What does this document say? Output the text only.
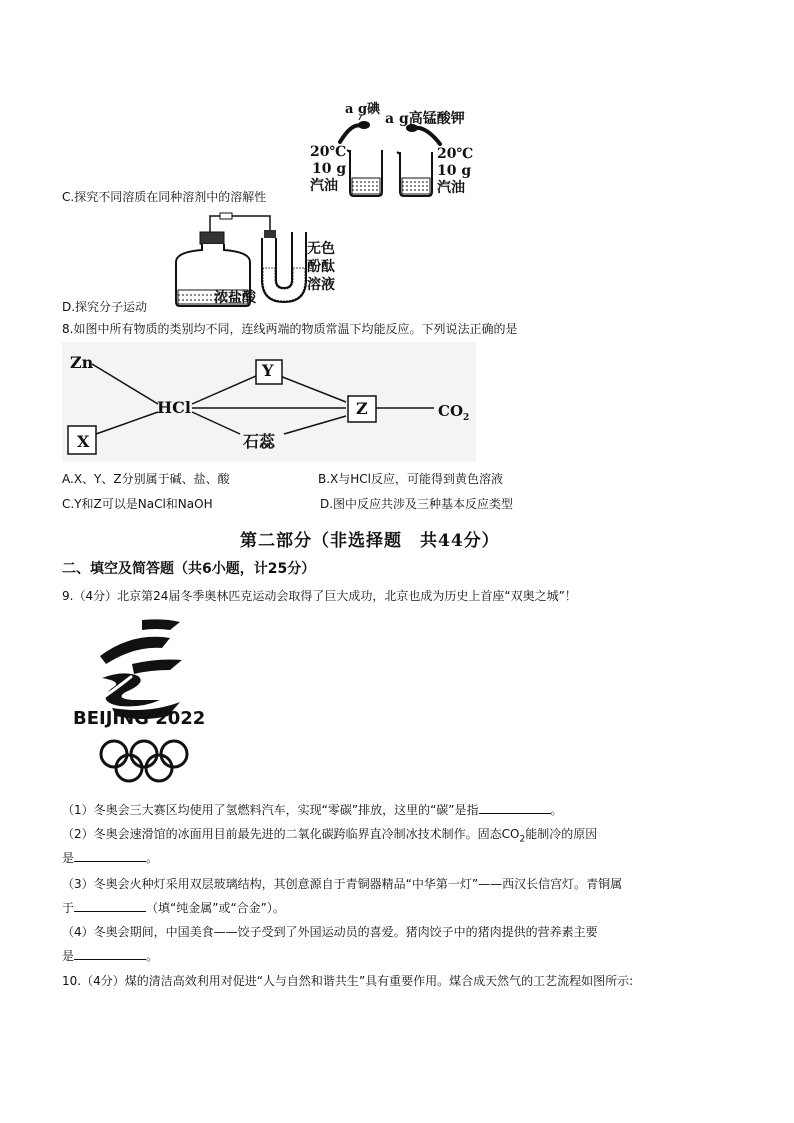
a g碘
a g高锰酸钾
20℃
10 g
汽油
20℃
10 g
汽油
C.探究不同溶质在同种溶剂中的溶解性
浓盐酸
无色
酚酞
溶液
D.探究分子运动
8.如图中所有物质的类别均不同，连线两端的物质常温下均能反应。下列说法正确的是
Zn
HCl
Y
Z
X	石蕊
$CO_2$
A.X、Y、Z分别属于碱、盐、酸	B.X与HCl反应，可能得到黄色溶液
C.Y和Z可以是NaCl和NaOH	D.图中反应共涉及三种基本反应类型
第二部分（非选择题　共44分）
二、填空及简答题（共6小题，计25分）
9.（4分）北京第24届冬季奥林匹克运动会取得了巨大成功，北京也成为历史上首座“双奥之城”！
BEIJING 2022
（1）冬奥会三大赛区均使用了氢燃料汽车，实现“零碳”排放，这里的“碳”是指	。
（2）冬奥会速滑馆的冰面用目前最先进的二氧化碳跨临界直冷制冰技术制作。固态$CO_2$能制冷的原因
是	。
（3）冬奥会火种灯采用双层玻璃结构，其创意源自于青铜器精品“中华第一灯”——西汉长信宫灯。青铜属
于	（填“纯金属”或“合金”）。
（4）冬奥会期间，中国美食——饺子受到了外国运动员的喜爱。猪肉饺子中的猪肉提供的营养素主要
是	。
10.（4分）煤的清洁高效利用对促进“人与自然和谐共生”具有重要作用。煤合成天然气的工艺流程如图所示:
